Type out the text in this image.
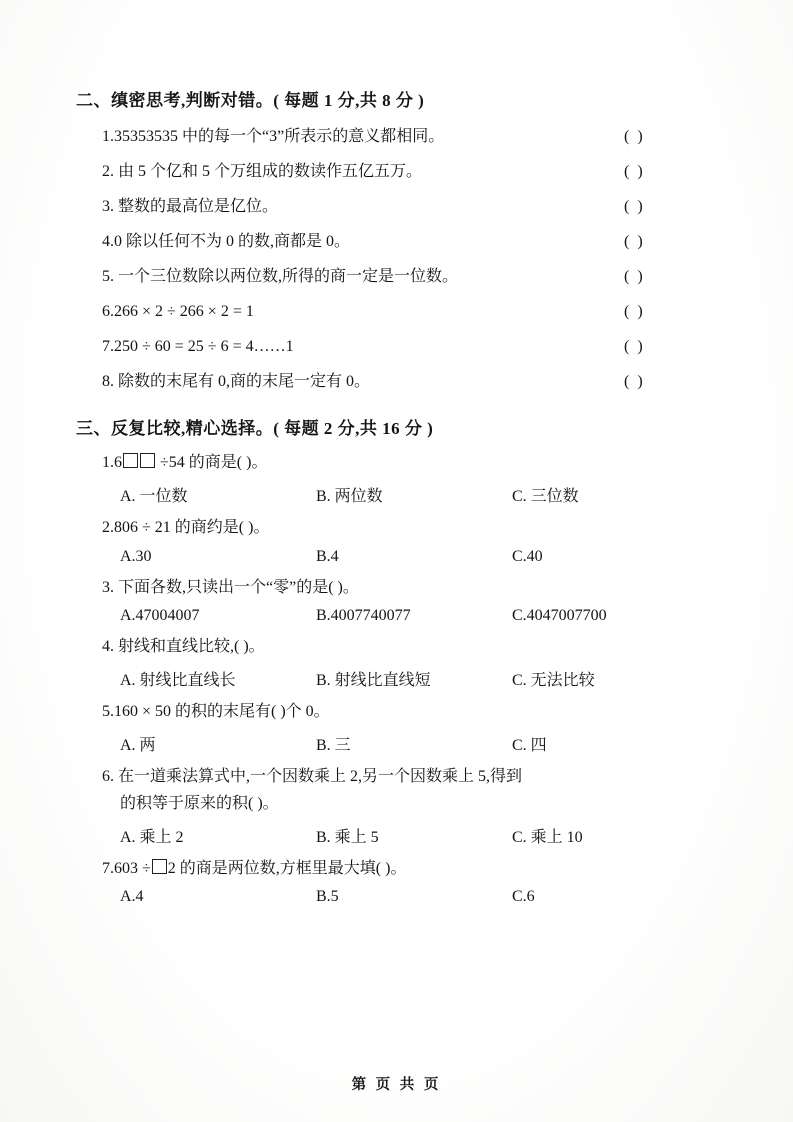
二、缜密思考,判断对错。( 每题 1 分,共 8 分 )
1.35353535 中的每一个“3”所表示的意义都相同。	( )
2. 由 5 个亿和 5 个万组成的数读作五亿五万。	( )
3. 整数的最高位是亿位。	( )
4.0 除以任何不为 0 的数,商都是 0。	( )
5. 一个三位数除以两位数,所得的商一定是一位数。	( )
6.266 × 2 ÷ 266 × 2 = 1	( )
7.250 ÷ 60 = 25 ÷ 6 = 4……1	( )
8. 除数的末尾有 0,商的末尾一定有 0。	( )
三、反复比较,精心选择。( 每题 2 分,共 16 分 )
1.6 ÷54 的商是( )。
A. 一位数	B. 两位数	C. 三位数
2.806 ÷ 21 的商约是( )。
A.30	B.4	C.40
3. 下面各数,只读出一个“零”的是( )。
A.47004007	B.4007740077	C.4047007700
4. 射线和直线比较,( )。
A. 射线比直线长	B. 射线比直线短	C. 无法比较
5.160 × 50 的积的末尾有( )个 0。
A. 两	B. 三	C. 四
6. 在一道乘法算式中,一个因数乘上 2,另一个因数乘上 5,得到
的积等于原来的积( )。
A. 乘上 2	B. 乘上 5	C. 乘上 10
7.603 ÷ 2 的商是两位数,方框里最大填( )。
A.4	B.5	C.6
第 页 共 页
